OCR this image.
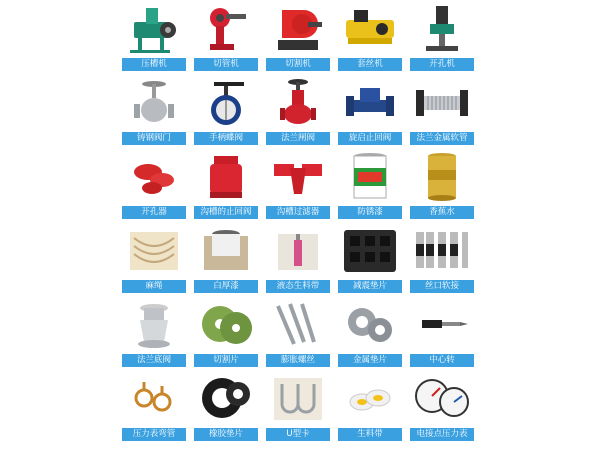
压槽机	切管机	切割机	套丝机	开孔机
铸钢阀门	手柄蝶阀	法兰闸阀	旋启止回阀	法兰金属软管
开孔器	沟槽的止回阀	沟槽过滤器	防锈漆	香蕉水
麻绳	白厚漆	液态生料带	减震垫片	丝口软接
法兰底阀	切割片	膨胀螺丝	金属垫片	中心转
压力表弯管	橡胶垫片	U型卡	生料带	电接点压力表
